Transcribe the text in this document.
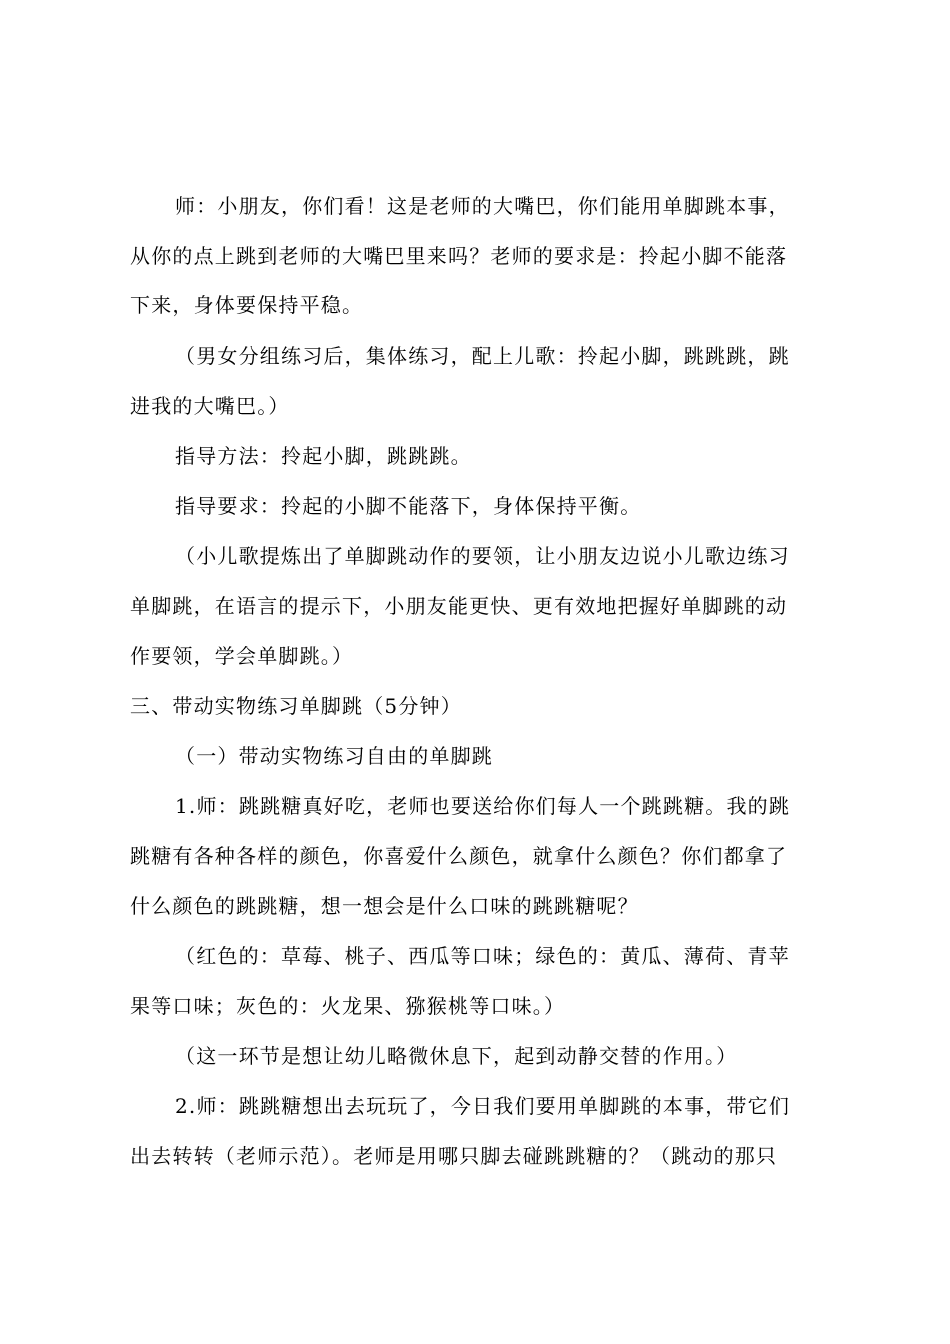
师：小朋友，你们看！这是老师的大嘴巴，你们能用单脚跳本事，
从你的点上跳到老师的大嘴巴里来吗？老师的要求是：拎起小脚不能落
下来，身体要保持平稳。
（男女分组练习后，集体练习，配上儿歌：拎起小脚，跳跳跳，跳
进我的大嘴巴。）
指导方法：拎起小脚，跳跳跳。
指导要求：拎起的小脚不能落下，身体保持平衡。
（小儿歌提炼出了单脚跳动作的要领，让小朋友边说小儿歌边练习
单脚跳，在语言的提示下，小朋友能更快、更有效地把握好单脚跳的动
作要领，学会单脚跳。）
三、带动实物练习单脚跳（5分钟）
（一）带动实物练习自由的单脚跳
1.师：跳跳糖真好吃，老师也要送给你们每人一个跳跳糖。我的跳
跳糖有各种各样的颜色，你喜爱什么颜色，就拿什么颜色？你们都拿了
什么颜色的跳跳糖，想一想会是什么口味的跳跳糖呢？
（红色的：草莓、桃子、西瓜等口味；绿色的：黄瓜、薄荷、青苹
果等口味；灰色的：火龙果、猕猴桃等口味。）
（这一环节是想让幼儿略微休息下，起到动静交替的作用。）
2.师：跳跳糖想出去玩玩了，今日我们要用单脚跳的本事，带它们
出去转转（老师示范）。老师是用哪只脚去碰跳跳糖的？（跳动的那只
